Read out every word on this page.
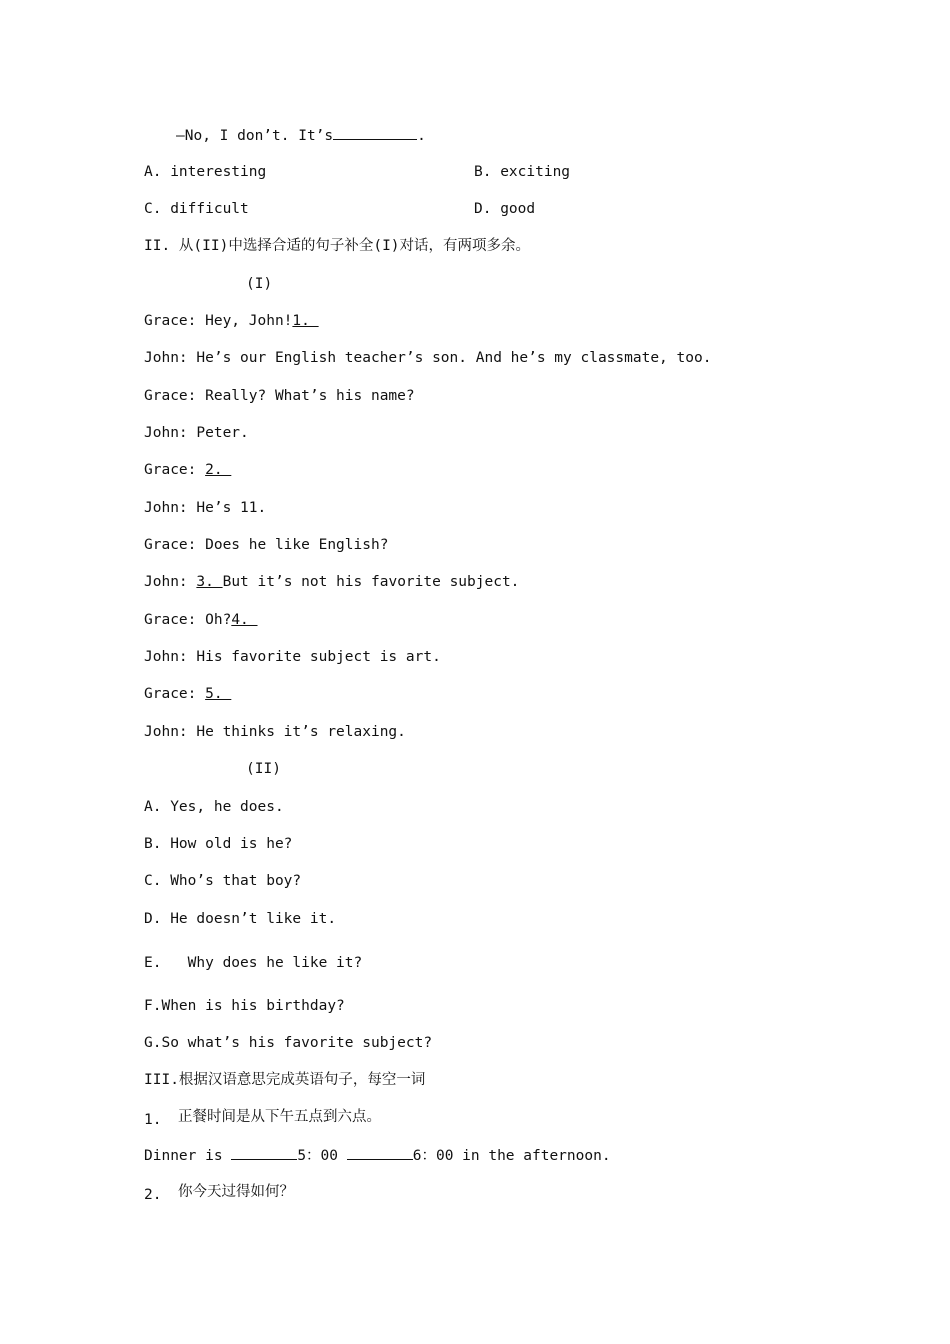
—No, I don’t. It’s	.
A. interesting	B. exciting
C. difficult	D. good
II. 从(II)中选择合适的句子补全(I)对话，有两项多余。
(I)
Grace: Hey, John!1.
John: He’s our English teacher’s son. And he’s my classmate, too.
Grace: Really? What’s his name?
John: Peter.
Grace: 2.
John: He’s 11.
Grace: Does he like English?
John: 3. But it’s not his favorite subject.
Grace: Oh?4.
John: His favorite subject is art.
Grace: 5.
John: He thinks it’s relaxing.
(II)
A. Yes, he does.
B. How old is he?
C. Who’s that boy?
D. He doesn’t like it.
E.   Why does he like it?
F.When is his birthday?
G.So what’s his favorite subject?
III.根据汉语意思完成英语句子，每空一词
1. 正餐时间是从下午五点到六点。
Dinner is	5：00	6：00 in the afternoon.
2. 你今天过得如何？
